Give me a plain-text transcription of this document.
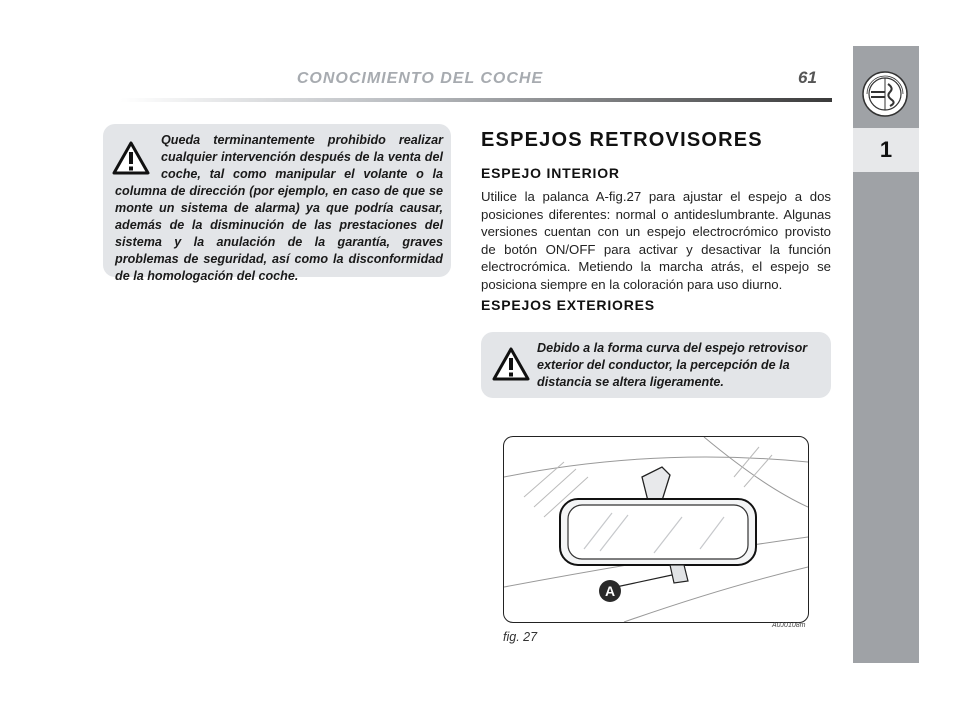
CONOCIMIENTO DEL COCHE	61
1
Queda terminantemente prohibido realizar cualquier intervención después de la venta del coche, tal como manipular el volante o la columna de dirección (por ejemplo, en caso de que se monte un sistema de alarma) ya que podría causar, además de la disminución de las prestaciones del sistema y la anulación de la garantía, graves problemas de seguridad, así como la disconformidad de la homologación del coche.
ESPEJOS RETROVISORES
ESPEJO INTERIOR
Utilice la palanca A-fig.27 para ajustar el espejo a dos posiciones diferentes: normal o antideslumbrante. Algunas versiones cuentan con un espejo electrocrómico provisto de botón ON/OFF para activar y desactivar la función electrocrómica. Metiendo la marcha atrás, el espejo se posiciona siempre en la coloración para uso diurno.
ESPEJOS EXTERIORES
Debido a la forma curva del espejo retrovisor exterior del conductor, la percepción de la distancia se altera ligeramente.
A
fig. 27
A0J0108m
